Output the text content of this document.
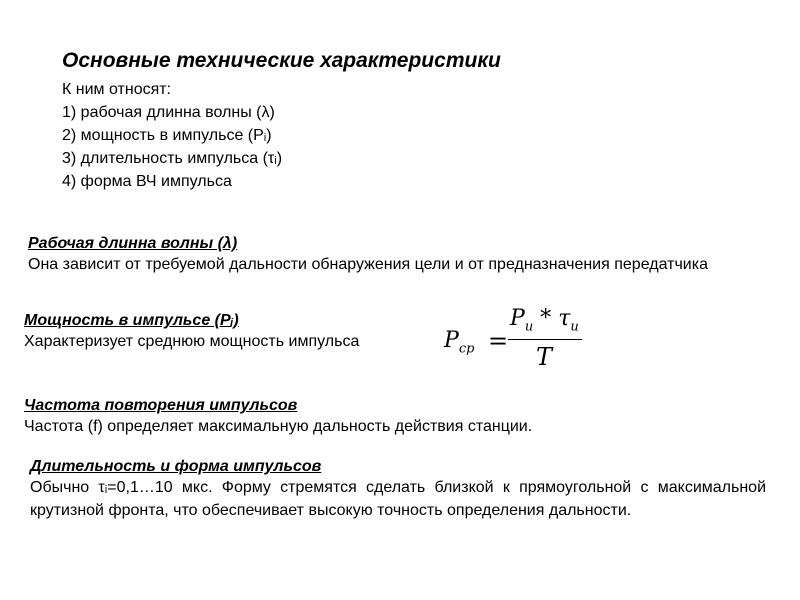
Основные технические характеристики
К ним относят:
1) рабочая длинна волны (λ)
2) мощность в импульсе (Рᵢ)
3) длительность импульса (τᵢ)
4) форма ВЧ импульса
Рабочая длинна волны (λ)
Она зависит от требуемой дальности обнаружения цели и от предназначения передатчика
Мощность в импульсе (Рᵢ)
Характеризует среднюю мощность импульса	$P_{ср}$ =
$P_и * \tau_и$
T
Частота повторения импульсов
Частота (f) определяет максимальную дальность действия станции.
Длительность и форма импульсов
Обычно τᵢ=0,1…10 мкс. Форму стремятся сделать близкой к прямоугольной с максимальной крутизной фронта, что обеспечивает высокую точность определения дальности.
